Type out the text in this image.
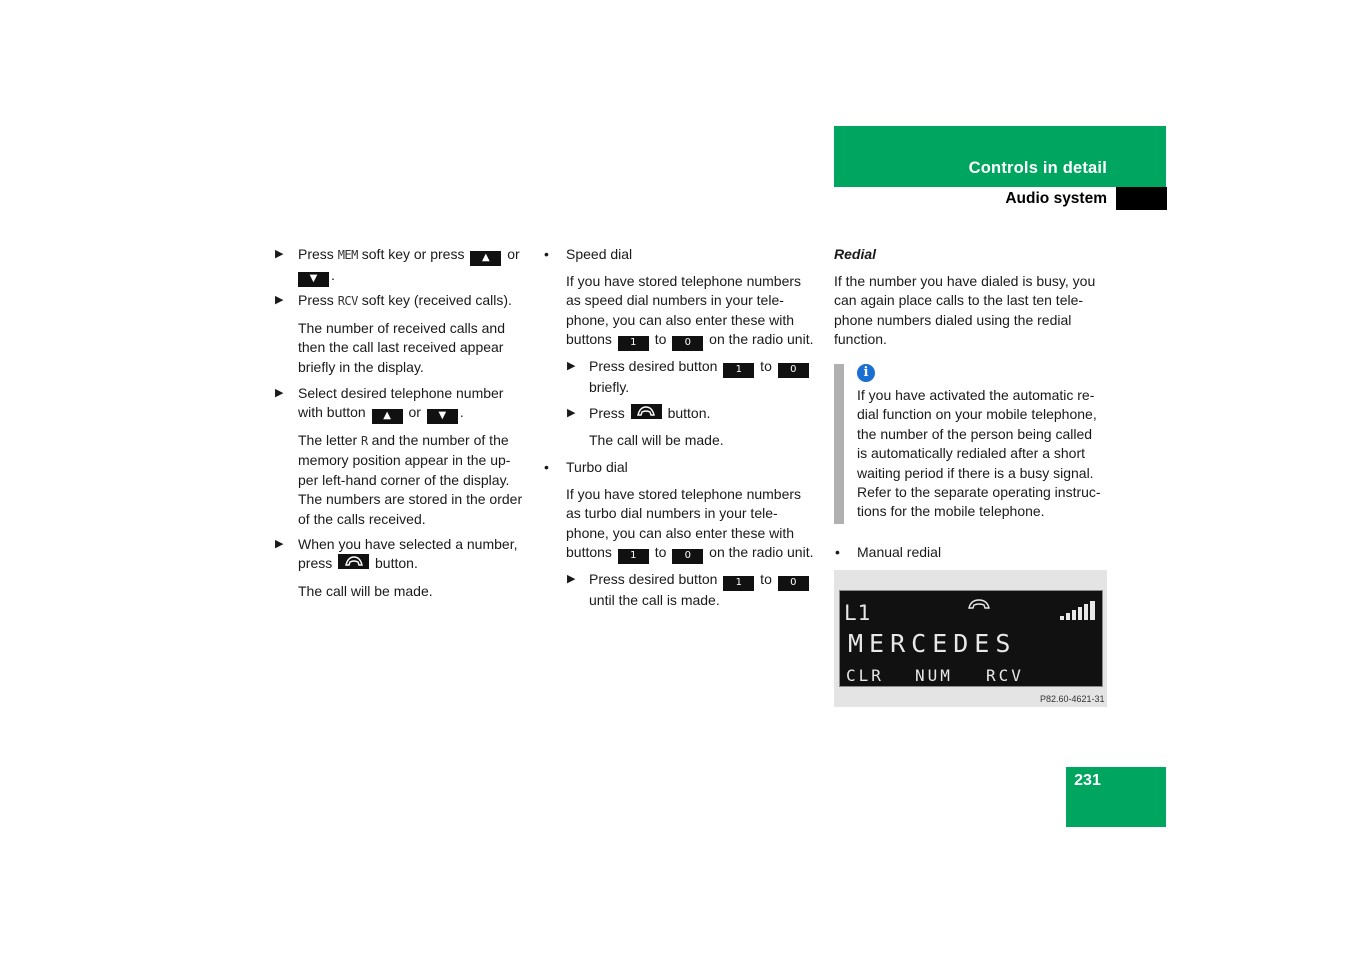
Controls in detail
Audio system
▶ Press MEM soft key or press ▲ or
▼ .
▶ Press RCV soft key (received calls).

The number of received calls and

then the call last received appear

briefly in the display.

▶ Select desired telephone number

with button ▲ or ▼ .

The letter R and the number of the

memory position appear in the up-

per left-hand corner of the display.

The numbers are stored in the order

of the calls received.

▶ When you have selected a number,

press	button.

The call will be made.

• Speed dial

If you have stored telephone numbers

as speed dial numbers in your tele-

phone, you can also enter these with

buttons 1 to 0 on the radio unit.

▶ Press desired button 1 to 0

briefly.

▶ Press	button.
The call will be made.
• Turbo dial

If you have stored telephone numbers

as turbo dial numbers in your tele-

phone, you can also enter these with

buttons 1 to 0 on the radio unit.

▶ Press desired button 1 to 0

until the call is made.

Redial

If the number you have dialed is busy, you

can again place calls to the last ten tele-

phone numbers dialed using the redial

function.

i

If you have activated the automatic re-

dial function on your mobile telephone,

the number of the person being called

is automatically redialed after a short

waiting period if there is a busy signal.

Refer to the separate operating instruc-

tions for the mobile telephone.

• Manual redial
L1
MERCEDES
CLR NUM RCV
P82.60-4621-31
231
